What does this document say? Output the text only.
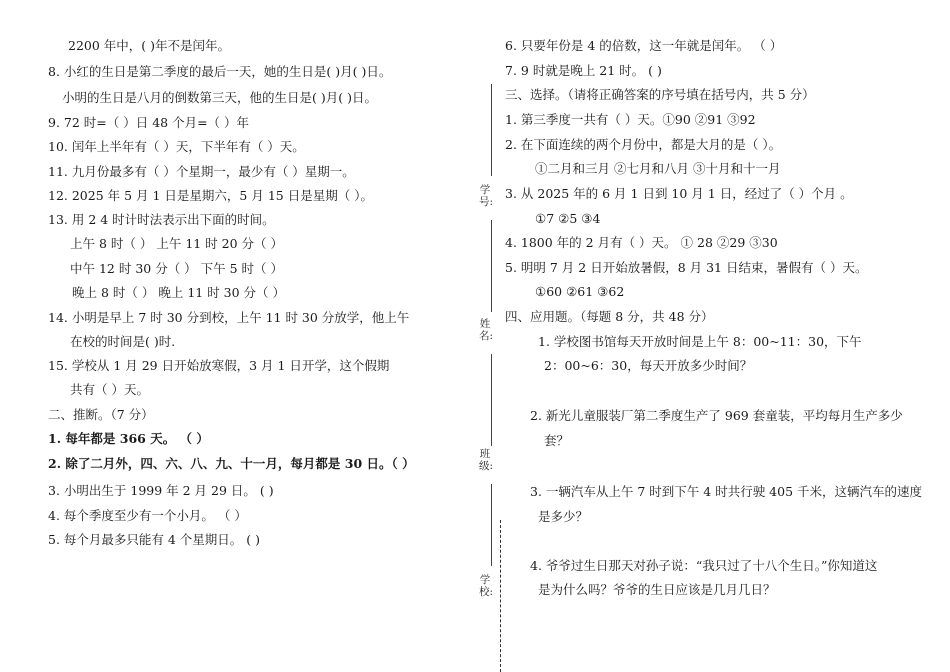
2200 年中，( )年不是闰年。
8. 小红的生日是第二季度的最后一天，她的生日是( )月( )日。
小明的生日是八月的倒数第三天，他的生日是( )月( )日。
9. 72 时=（ ）日 48 个月=（ ）年
10. 闰年上半年有（ ）天，下半年有（ ）天。
11. 九月份最多有（ ）个星期一，最少有（ ）星期一。
12. 2025 年 5 月 1 日是星期六，5 月 15 日是星期（ ）。
13. 用 2 4 时计时法表示出下面的时间。
上午 8 时（ ） 上午 11 时 20 分（ ）
中午 12 时 30 分（ ） 下午 5 时（ ）
晚上 8 时（ ） 晚上 11 时 30 分（ ）
14. 小明是早上 7 时 30 分到校，上午 11 时 30 分放学，他上午
在校的时间是( )时.
15. 学校从 1 月 29 日开始放寒假，3 月 1 日开学，这个假期
共有（ ）天。
二、推断。（7 分）
1. 每年都是 366 天。 （ ）
2. 除了二月外，四、六、八、九、十一月，每月都是 30 日。（ ）
3. 小明出生于 1999 年 2 月 29 日。 ( )
4. 每个季度至少有一个小月。 （ ）
5. 每个月最多只能有 4 个星期日。 ( )
学号:
姓名:
班级:
学校:
6. 只要年份是 4 的倍数，这一年就是闰年。 （ ）
7. 9 时就是晚上 21 时。 ( )
三、选择。（请将正确答案的序号填在括号内，共 5 分）
1. 第三季度一共有（ ）天。①90 ②91 ③92
2. 在下面连续的两个月份中，都是大月的是（ ）。
①二月和三月 ②七月和八月 ③十月和十一月
3. 从 2025 年的 6 月 1 日到 10 月 1 日，经过了（ ）个月 。
①7 ②5 ③4
4. 1800 年的 2 月有（ ）天。 ① 28 ②29 ③30
5. 明明 7 月 2 日开始放暑假，8 月 31 日结束，暑假有（ ）天。
①60 ②61 ③62
四、应用题。（每题 8 分，共 48 分）
1. 学校图书馆每天开放时间是上午 8：00~11：30，下午
2：00~6：30，每天开放多少时间？
2. 新光儿童服装厂第二季度生产了 969 套童装，平均每月生产多少
套？
3. 一辆汽车从上午 7 时到下午 4 时共行驶 405 千米，这辆汽车的速度
是多少？
4. 爷爷过生日那天对孙子说：“我只过了十八个生日。”你知道这
是为什么吗？爷爷的生日应该是几月几日？
